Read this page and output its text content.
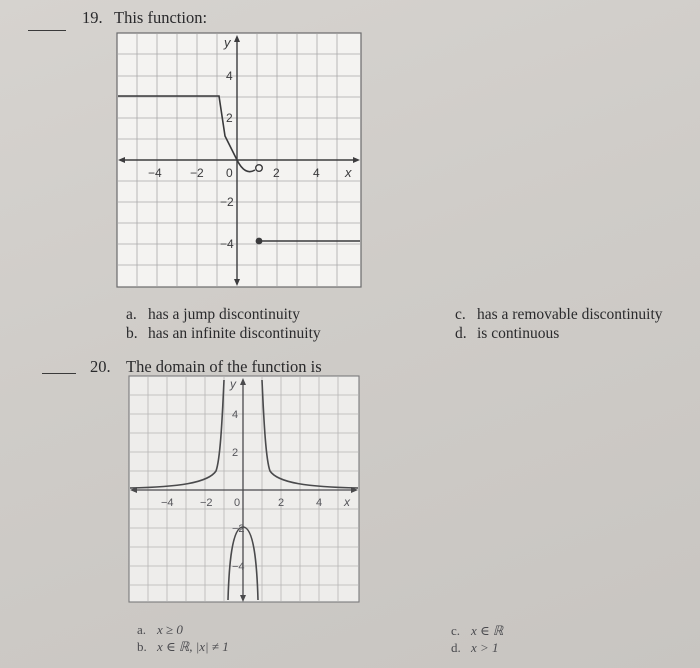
19. This function:
y
x
−4 −2 0	2	4
4
2
−2
−4
a. has a jump discontinuity
b. has an infinite discontinuity
c. has a removable discontinuity
d. is continuous
20. The domain of the function is
y
x
−4 −2 0	2	4
4
2
−2
−4
a. x ≥ 0
b. x ∈ ℝ, |x| ≠ 1
c. x ∈ ℝ
d. x > 1
